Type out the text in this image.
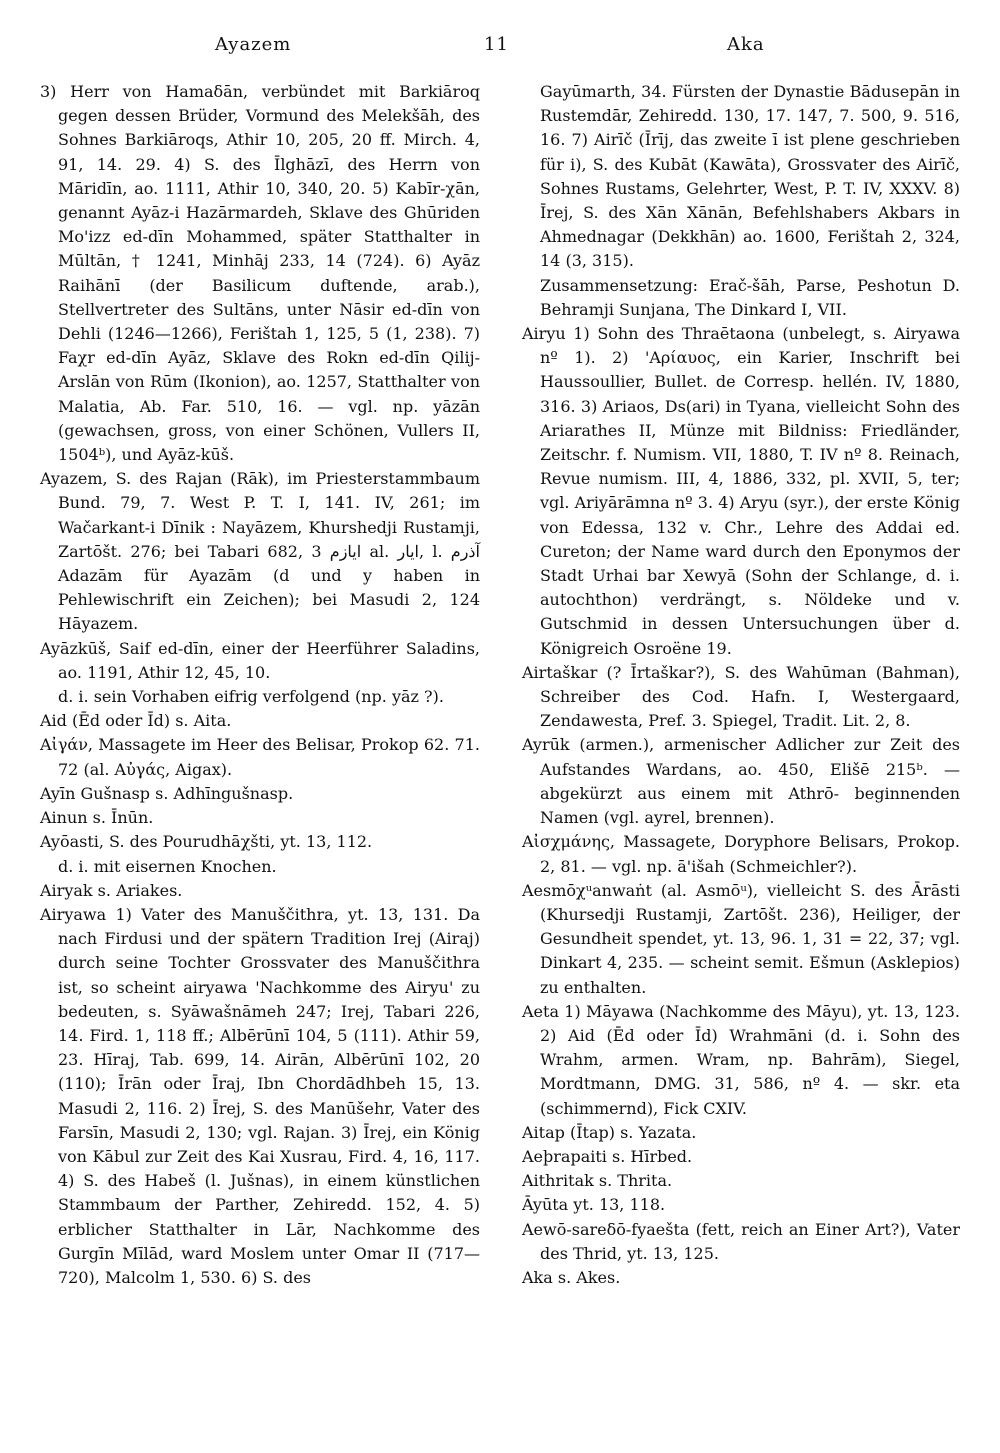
Ayazem	11	Aka

3) Herr von Hamaδān, verbündet mit Barkiāroq gegen dessen Brüder, Vormund des Melekšāh, des Sohnes Barkiāroqs, Athir 10, 205, 20 ff. Mirch. 4, 91, 14. 29. 4) S. des Īlghāzī, des Herrn von Māridīn, ao. 1111, Athir 10, 340, 20. 5) Kabīr-χān, genannt Ayāz-i Hazārmardeh, Sklave des Ghūriden Mo'izz ed-dīn Mohammed, später Statthalter in Mūltān, † 1241, Minhāj 233, 14 (724). 6) Ayāz Raihānī (der Basilicum duftende, arab.), Stellvertreter des Sultāns, unter Nāsir ed-dīn von Dehli (1246—1266), Ferištah 1, 125, 5 (1, 238). 7) Faχr ed-dīn Ayāz, Sklave des Rokn ed-dīn Qilij-Arslān von Rūm (Ikonion), ao. 1257, Statthalter von Malatia, Ab. Far. 510, 16. — vgl. np. yāzān (gewachsen, gross, von einer Schönen, Vullers II, 1504ᵇ), und Ayāz-kūš.

Ayazem, S. des Rajan (Rāk), im Priesterstammbaum Bund. 79, 7. West P. T. I, 141. IV, 261; im Wačarkant-i Dīnik : Nayāzem, Khurshedji Rustamji, Zartōšt. 276; bei Tabari 682, 3 ايازم al. ايار, l. آذرم Adazām für Ayazām (d und y haben in Pehlewischrift ein Zeichen); bei Masudi 2, 124 Hāyazem.

Ayāzkūš, Saif ed-dīn, einer der Heerführer Saladins, ao. 1191, Athir 12, 45, 10.

d. i. sein Vorhaben eifrig verfolgend (np. yāz ?).

Aid (Ēd oder Īd) s. Aita.

Αἰγάν, Massagete im Heer des Belisar, Prokop 62. 71. 72 (al. Αὐγάς, Aigax).

Ayīn Gušnasp s. Adhīngušnasp.

Ainun s. Īnūn.

Ayōasti, S. des Pourudhāχšti, yt. 13, 112.

d. i. mit eisernen Knochen.

Airyak s. Ariakes.

Airyawa 1) Vater des Manuščithra, yt. 13, 131. Da nach Firdusi und der spätern Tradition Irej (Airaj) durch seine Tochter Grossvater des Manuščithra ist, so scheint airyawa 'Nachkomme des Airyu' zu bedeuten, s. Syāwašnāmeh 247; Irej, Tabari 226, 14. Fird. 1, 118 ff.; Albērūnī 104, 5 (111). Athir 59, 23. Hīraj, Tab. 699, 14. Airān, Albērūnī 102, 20 (110); Īrān oder Īraj, Ibn Chordādhbeh 15, 13. Masudi 2, 116. 2) Īrej, S. des Manūšehr, Vater des Farsīn, Masudi 2, 130; vgl. Rajan. 3) Īrej, ein König von Kābul zur Zeit des Kai Xusrau, Fird. 4, 16, 117. 4) S. des Habeš (l. Jušnas), in einem künstlichen Stammbaum der Parther, Zehiredd. 152, 4. 5) erblicher Statthalter in Lār, Nachkomme des Gurgīn Mīlād, ward Moslem unter Omar II (717—720), Malcolm 1, 530. 6) S. des

Gayūmarth, 34. Fürsten der Dynastie Bādusepān in Rustemdār, Zehiredd. 130, 17. 147, 7. 500, 9. 516, 16. 7) Airīč (Īrīj, das zweite ī ist plene geschrieben für i), S. des Kubāt (Kawāta), Grossvater des Airīč, Sohnes Rustams, Gelehrter, West, P. T. IV, XXXV. 8) Īrej, S. des Xān Xānān, Befehlshabers Akbars in Ahmednagar (Dekkhān) ao. 1600, Ferištah 2, 324, 14 (3, 315).

Zusammensetzung: Erač-šāh, Parse, Peshotun D. Behramji Sunjana, The Dinkard I, VII.

Airyu 1) Sohn des Thraētaona (unbelegt, s. Airyawa nº 1). 2) 'Αρίαυος, ein Karier, Inschrift bei Haussoullier, Bullet. de Corresp. hellén. IV, 1880, 316. 3) Ariaos, Ds(ari) in Tyana, vielleicht Sohn des Ariarathes II, Münze mit Bildniss: Friedländer, Zeitschr. f. Numism. VII, 1880, T. IV nº 8. Reinach, Revue numism. III, 4, 1886, 332, pl. XVII, 5, ter; vgl. Ariyārāmna nº 3. 4) Aryu (syr.), der erste König von Edessa, 132 v. Chr., Lehre des Addai ed. Cureton; der Name ward durch den Eponymos der Stadt Urhai bar Xewyā (Sohn der Schlange, d. i. autochthon) verdrängt, s. Nöldeke und v. Gutschmid in dessen Untersuchungen über d. Königreich Osroëne 19.

Airtaškar (? Īrtaškar?), S. des Wahūman (Bahman), Schreiber des Cod. Hafn. I, Westergaard, Zendawesta, Pref. 3. Spiegel, Tradit. Lit. 2, 8.

Ayrūk (armen.), armenischer Adlicher zur Zeit des Aufstandes Wardans, ao. 450, Elišē 215ᵇ. — abgekürzt aus einem mit Athrō- beginnenden Namen (vgl. ayrel, brennen).

Αἰσχμάνης, Massagete, Doryphore Belisars, Prokop. 2, 81. — vgl. np. ā'išah (Schmeichler?).

Aesmōχᵘanwaṅt (al. Asmōᵘ), vielleicht S. des Ārāsti (Khursedji Rustamji, Zartōšt. 236), Heiliger, der Gesundheit spendet, yt. 13, 96. 1, 31 = 22, 37; vgl. Dinkart 4, 235. — scheint semit. Ešmun (Asklepios) zu enthalten.

Aeta 1) Māyawa (Nachkomme des Māyu), yt. 13, 123. 2) Aid (Ēd oder Īd) Wrahmāni (d. i. Sohn des Wrahm, armen. Wram, np. Bahrām), Siegel, Mordtmann, DMG. 31, 586, nº 4. — skr. eta (schimmernd), Fick CXIV.

Aitap (Ītap) s. Yazata.

Aeþrapaiti s. Hīrbed.

Aithritak s. Thrita.

Āyūta yt. 13, 118.

Aewō-sareδō-fyaešta (fett, reich an Einer Art?), Vater des Thrid, yt. 13, 125.

Aka s. Akes.
